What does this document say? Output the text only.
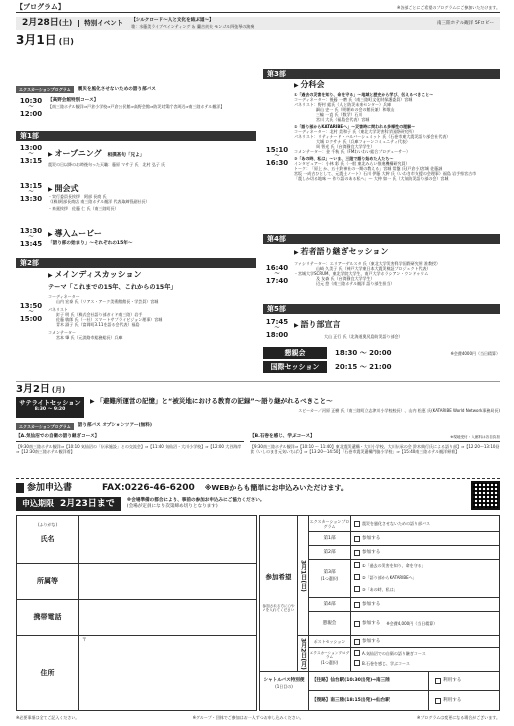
【プログラム】	※各部ごとにご希望のプログラムにご参加いただけます。
2月28日 (土)	特別イベント 【シルクロード〜人と文化を結ぶ道〜】
歌：水藤美ライブペインティング ＆ 蘭吉貞夫 モンゴル四弦琴の演奏
南三陸ホテル観洋 5Fロビー
3月1日 (日)
エクスカーションプログラム	震災を風化させないための語り部バス
10:30
〜
12:00
【高野会館特別コース】
【南三陸ホテル観洋⇒戸倉小学校⇒戸倉公民館⇒高野会館⇒防災対策庁舎周辺⇒南三陸ホテル観洋】
第1部
13:00
〜
13:15
▶ オープニング 相撲甚句「兄よ」
震災の日以降のお時後句った天職：藤原 マサ子 氏　北村 弘子 氏
13:15
〜
13:30
▶ 開会式
・実行委員長挨拶　阿部 長商 氏
（(株)阿部長商店 南三陸ホテル観洋 代表取締役副社長）
・来賓挨拶　佐藤 仁 氏（南三陸町長）
13:30
〜
13:45
▶ 導入ムービー
「語り部の始まり」〜それぞれの15年〜
第2部
13:50
〜
15:00
▶ メインディスカッション
テーマ「これまでの15年、これからの15年」
コーディネーター
山内 宏泰 氏（リアス・アーク美術館館長・学芸員）宮城
パネリスト
釘子 明 氏（株式会社語り部ガイド南三陸）岩手
佐藤 敏郎 氏（一社）スマートサプライビジョン理事）宮城
青木 淑子 氏（富岡町3.11を語る会代表）福島
コメンテーター
宮本 肇 氏（元淡路市総務総長）兵庫
第3部
15:10
〜
16:30
▶ 分科会
①「過去の災害を知り、命を守る」〜地域と歴史から学び、伝えるべきこと〜
コーディネーター：後藤 一磨 氏（南三陸町文化財保護委員）宮城
パネリスト：野村 総氏（人と防災未来センター）兵庫
細山 史一 氏（明朝めの会の館長兼）和歌山
三輪 一直 氏（数学）石川
宮川 大氏（福島会代表）宮城
②「語り部からKATARIBEへ」〜災害時に問われる多様性の理解〜
コーディネーター：北村 美和子 氏（東北大学災害科学国際研究所）
パネリスト：リティナード・ハルバーシュミット 氏（石巻市東大震災語り部会社代表）
大城 ロクサナ 氏（兵庫フォーンコミュニティ代表）
周 智光 氏（台湾静宜大学学生）
コメンテーター：金 千秋 氏（FMわいわい総合プロデューサー）
③「あの時、私は」〜いま、三陸で語り始めた人たち〜
インタビュアー：小林 彩 氏（一般 東北みらい推進機構研究員）
トーク：「原上 か、五十鈴神社の一期の教える」宮城 常盤 氏(戸倉小)宮城 佐藤誠
宮坂 一成吉ひとして、元震士ノート）石川 伊藤 大幹 氏（いわき市支援の会理事）福島 岩手県宮古市
「震しか切る地味 〜 作り語のある私へ」〜 大仲 如一 氏（大気防災語り部の会）宮城
第4部
16:40
〜
17:40
▶ 若者語り継ぎセッション
ファシリテーター：エリアーゲルスタ 氏（東北大学災害科学国際研究所 准教授）
山崎 久美子 氏（神戸大学東日本大震災検証プロジェクト代表）
・宮城大学SCRUM、東北学院大学生、南戸大学ホラシアン・ウンドゥリム
及 友森 氏（台湾静宜大学学生）
辺元 悠（南三陸ホテル観洋 語り部生担当）
第5部
17:45
〜
18:00
▶ 語り部宣言
大山 正行 氏（北海道奥尻島防災語り部会）
懇親会	18:30 〜 20:00	※会費4000円（当日精算）
国際セッション	20:15 〜 21:00
3月2日 (月)
サテライトセッション
8:30 〜 9:20
▶ 「避難所運営の記憶」と“被災地における教育の記録”〜語り継がれるべきこと〜
スピーカー／河原 正樹 氏（南三陸町立志津川小学校校長）、山内 松恵 氏(KATARIBE World Network事務局長)
エクスカーションプログラム	語り部バス オプションツアー(無料)
【A.気仙沼での自衛の語り継ぎコース】
【9:30南三陸ホテル観洋⇒【10:10 気仙沼の「伝承施設」との交流会】⇒【11:40 気仙沼・大川小学校】⇒【12:00 大谷海岸⇒【12:30南三陸ホテル観洋着】
【B.石巻を感じ、学ぶコース】	※現地受付・入館料は各自負担
【9:30南三陸ホテル観洋⇒【10:10 〜 11:40】東北震災遺構・大川小学校、大川伝承の会 鈴木典行氏による語り部】⇒【12:20〜13:10昼食（いしのまき元気いちば）】⇒【13:20〜14:50】「石巻市震災遺構門脇小学校」⇒【15:40南三陸ホテル観洋帰着】
参加申込書	FAX:0226-46-6200 ※WEBからも簡単にお申込みいただけます。
申込期限 2月23日まで	※会場準備の都合により、事前の参加お申込みにご協力ください。
(会場が定員になり次第締め切りとなります)
(ふりがな)
氏名
所属等
携帯電話
住所
〒
参加希望
参加される方に○や✓を入れてください
3月1日(日)
3月2日(月)
エクスカーションプログラム	震災を風化させないための語り部バス
第1部	参加する
第2部	参加する
第3部
(1つ選択)
①「過去の災害を知り、命を守る」
②「語り部からKATARIBEへ」
③「あの時、私は」
第4部	参加する
懇親会	参加する ※会費4,000円（当日精算）
ポストセッション	参加する
エクスカーションプログラム
(1つ選択)
A.気仙沼での自衛の語り継ぎコース
B.石巻を感じ、学ぶコース
シャトルバス特別便
(1日目の)
【往路】仙台駅(10:30出発)⇒南三陸	利用する
【復路】南三陸(18:15出発)⇒仙台駅	利用する
※必要事項は全てご記入ください。	※グループ・団体でご参加はお一人ずつお申し込みください。	※プログラムは変更になる場合がございます。
